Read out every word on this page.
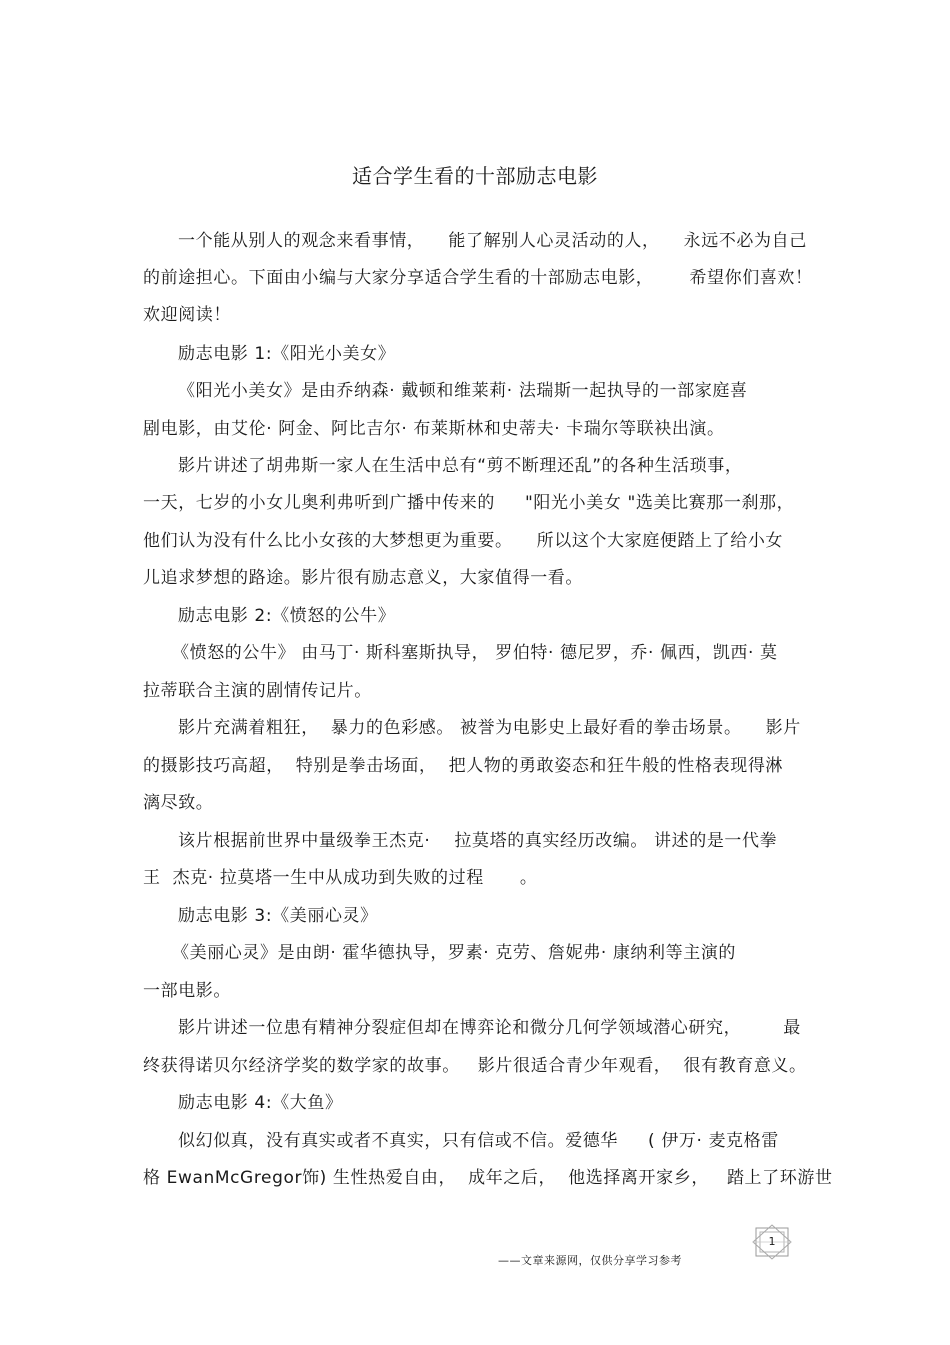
适合学生看的十部励志电影
一个能从别人的观念来看事情，    能了解别人心灵活动的人，    永远不必为自己
的前途担心。下面由小编与大家分享适合学生看的十部励志电影，      希望你们喜欢！
欢迎阅读！
励志电影 1:《阳光小美女》
《阳光小美女》是由乔纳森· 戴顿和维莱莉· 法瑞斯一起执导的一部家庭喜
剧电影，由艾伦· 阿金、阿比吉尔· 布莱斯林和史蒂夫· 卡瑞尔等联袂出演。
影片讲述了胡弗斯一家人在生活中总有“剪不断理还乱”的各种生活琐事，
一天，七岁的小女儿奥利弗听到广播中传来的     "阳光小美女 "选美比赛那一刹那，
他们认为没有什么比小女孩的大梦想更为重要。    所以这个大家庭便踏上了给小女
儿追求梦想的路途。影片很有励志意义，大家值得一看。
励志电影 2:《愤怒的公牛》
《愤怒的公牛》 由马丁· 斯科塞斯执导， 罗伯特· 德尼罗，乔· 佩西，凯西· 莫
拉蒂联合主演的剧情传记片。
影片充满着粗狂，  暴力的色彩感。 被誉为电影史上最好看的拳击场景。    影片
的摄影技巧高超，  特别是拳击场面，  把人物的勇敢姿态和狂牛般的性格表现得淋
漓尽致。
该片根据前世界中量级拳王杰克·    拉莫塔的真实经历改编。 讲述的是一代拳
王  杰克· 拉莫塔一生中从成功到失败的过程      。
励志电影 3:《美丽心灵》
《美丽心灵》是由朗· 霍华德执导，罗素· 克劳、詹妮弗· 康纳利等主演的
一部电影。
影片讲述一位患有精神分裂症但却在博弈论和微分几何学领域潜心研究，       最
终获得诺贝尔经济学奖的数学家的故事。   影片很适合青少年观看，  很有教育意义。
励志电影 4:《大鱼》
似幻似真，没有真实或者不真实，只有信或不信。爱德华     ( 伊万· 麦克格雷
格 EwanMcGregor饰) 生性热爱自由，  成年之后，  他选择离开家乡，   踏上了环游世
——文章来源网，仅供分享学习参考
1
